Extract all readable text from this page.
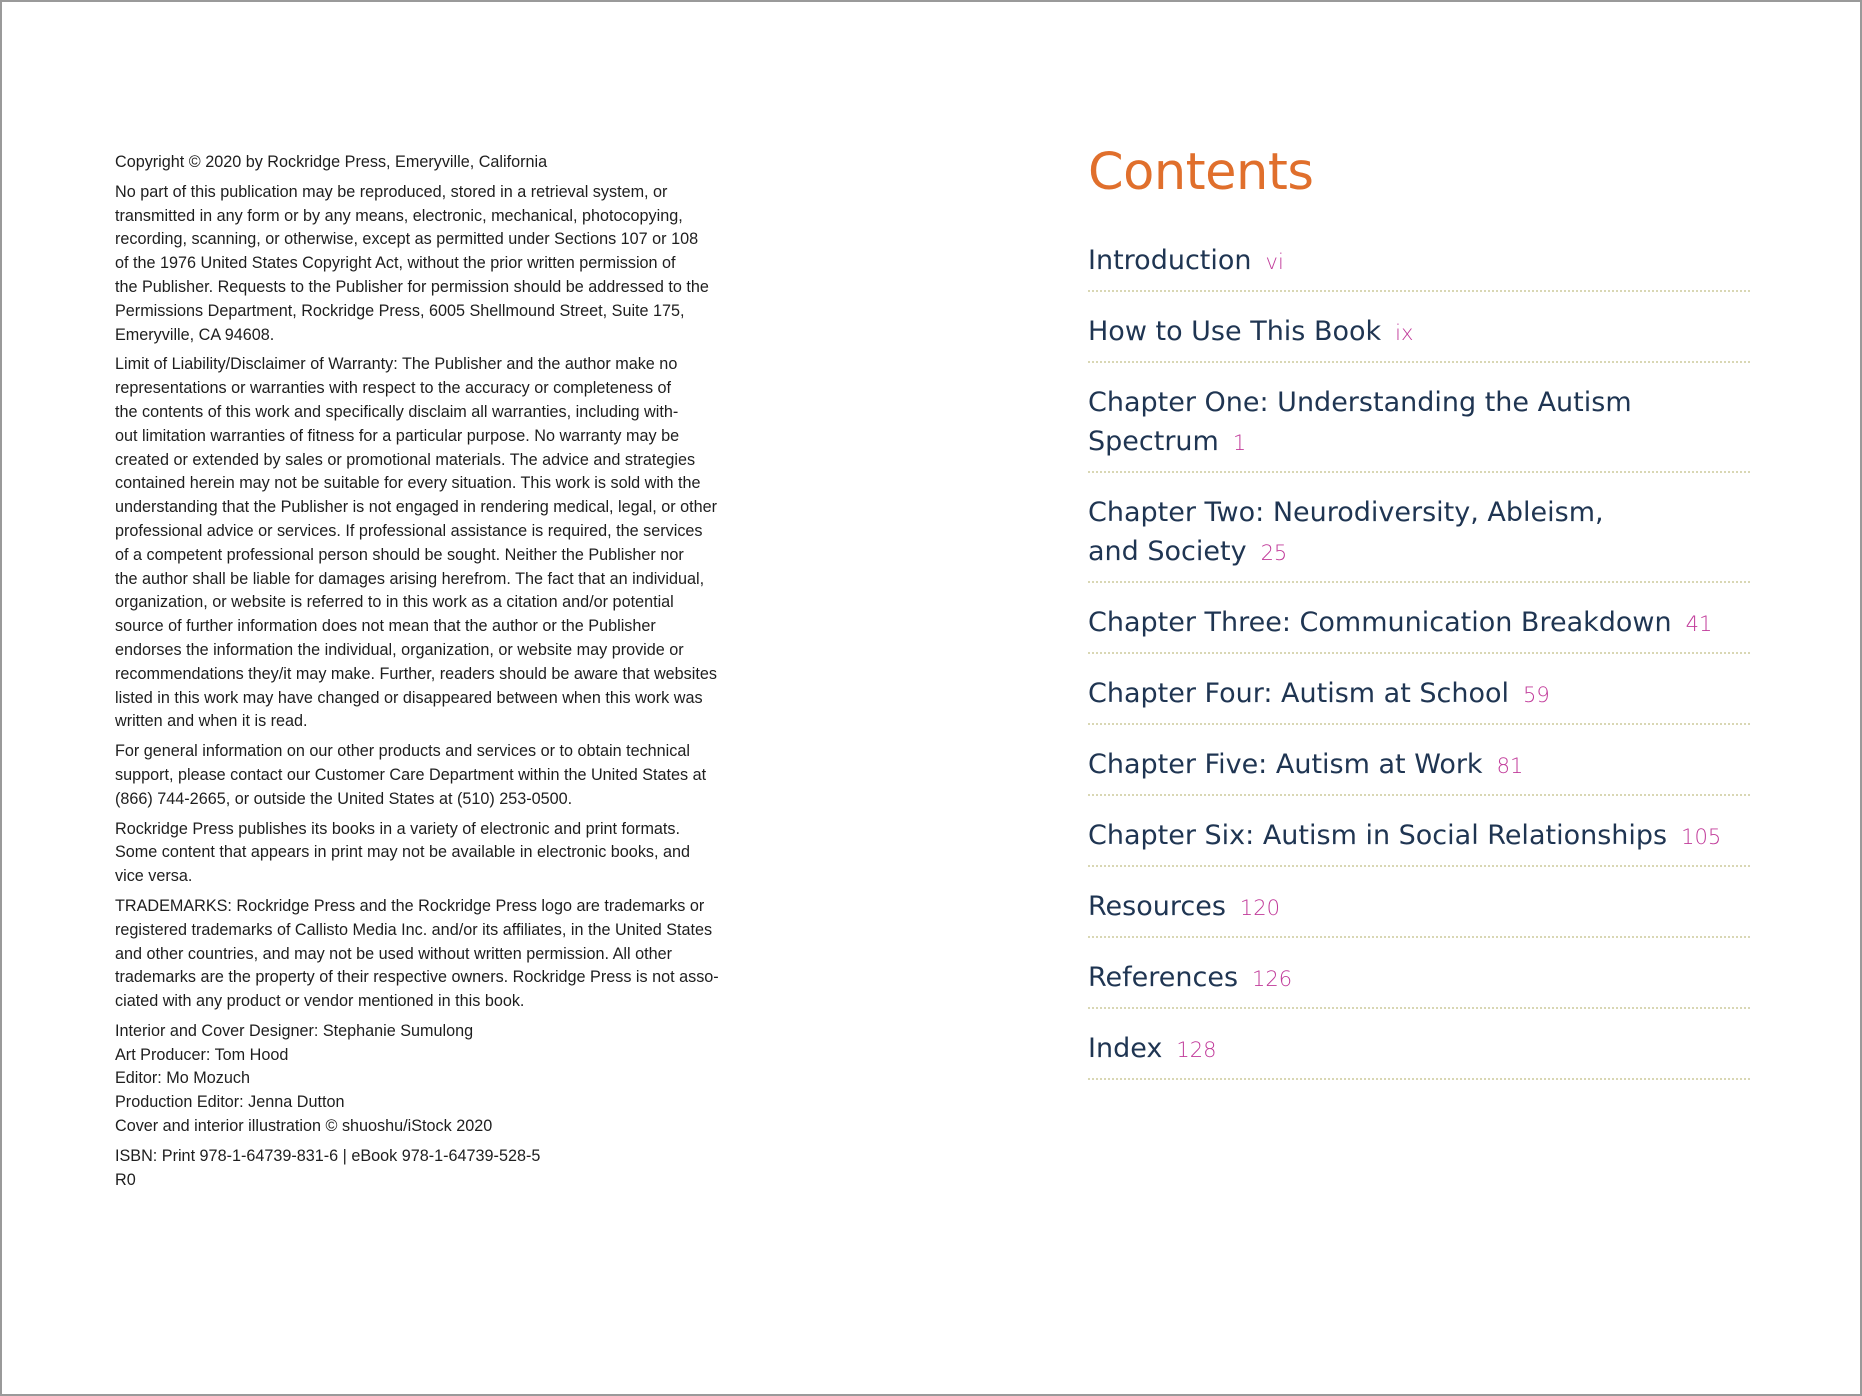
Copyright © 2020 by Rockridge Press, Emeryville, California

No part of this publication may be reproduced, stored in a retrieval system, or
transmitted in any form or by any means, electronic, mechanical, photocopying,
recording, scanning, or otherwise, except as permitted under Sections 107 or 108
of the 1976 United States Copyright Act, without the prior written permission of
the Publisher. Requests to the Publisher for permission should be addressed to the
Permissions Department, Rockridge Press, 6005 Shellmound Street, Suite 175,
Emeryville, CA 94608.

Limit of Liability/Disclaimer of Warranty: The Publisher and the author make no
representations or warranties with respect to the accuracy or completeness of
the contents of this work and specifically disclaim all warranties, including with-
out limitation warranties of fitness for a particular purpose. No warranty may be
created or extended by sales or promotional materials. The advice and strategies
contained herein may not be suitable for every situation. This work is sold with the
understanding that the Publisher is not engaged in rendering medical, legal, or other
professional advice or services. If professional assistance is required, the services
of a competent professional person should be sought. Neither the Publisher nor
the author shall be liable for damages arising herefrom. The fact that an individual,
organization, or website is referred to in this work as a citation and/or potential
source of further information does not mean that the author or the Publisher
endorses the information the individual, organization, or website may provide or
recommendations they/it may make. Further, readers should be aware that websites
listed in this work may have changed or disappeared between when this work was
written and when it is read.

For general information on our other products and services or to obtain technical
support, please contact our Customer Care Department within the United States at
(866) 744-2665, or outside the United States at (510) 253-0500.

Rockridge Press publishes its books in a variety of electronic and print formats.
Some content that appears in print may not be available in electronic books, and
vice versa.

TRADEMARKS: Rockridge Press and the Rockridge Press logo are trademarks or
registered trademarks of Callisto Media Inc. and/or its affiliates, in the United States
and other countries, and may not be used without written permission. All other
trademarks are the property of their respective owners. Rockridge Press is not asso-
ciated with any product or vendor mentioned in this book.

Interior and Cover Designer: Stephanie Sumulong

Art Producer: Tom Hood

Editor: Mo Mozuch

Production Editor: Jenna Dutton

Cover and interior illustration © shuoshu/iStock 2020

ISBN: Print 978-1-64739-831-6 | eBook 978-1-64739-528-5

R0

Contents
Introduction vi
How to Use This Book ix
Chapter One: Understanding the Autism
Spectrum 1
Chapter Two: Neurodiversity, Ableism,
and Society 25
Chapter Three: Communication Breakdown 41
Chapter Four: Autism at School 59
Chapter Five: Autism at Work 81
Chapter Six: Autism in Social Relationships 105
Resources 120
References 126
Index 128
